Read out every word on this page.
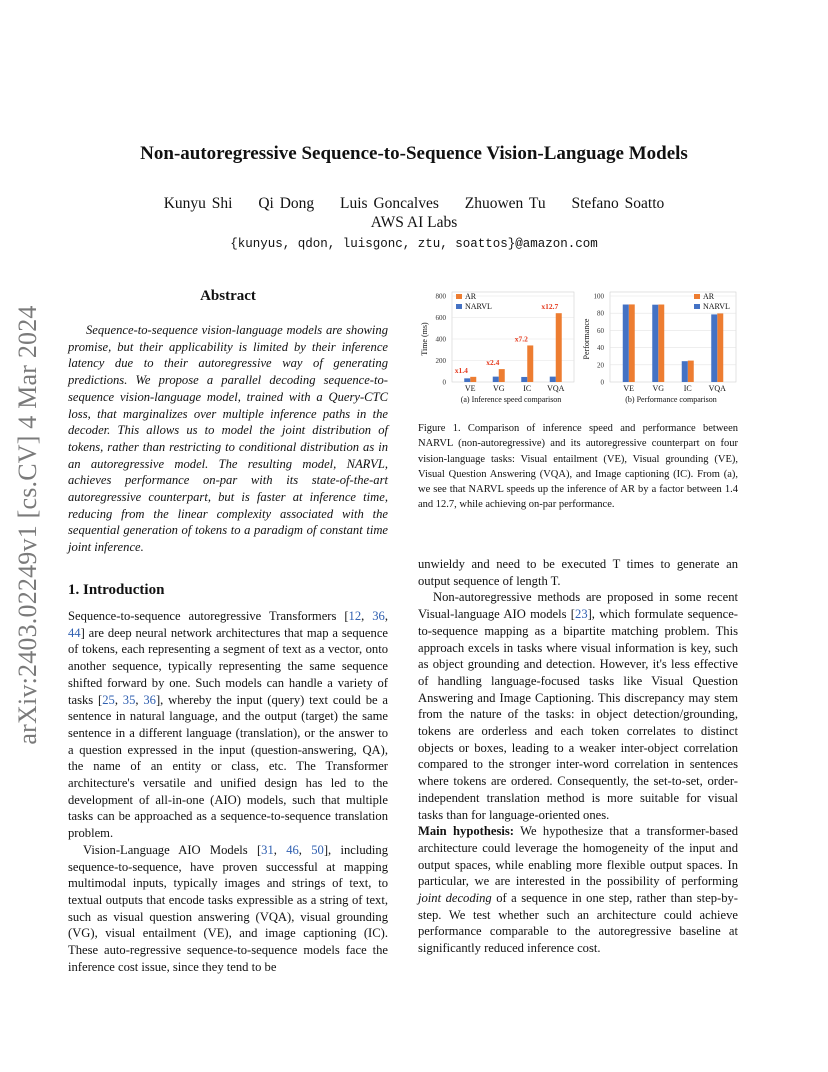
arXiv:2403.02249v1 [cs.CV] 4 Mar 2024
Non-autoregressive Sequence-to-Sequence Vision-Language Models
Kunyu Shi Qi Dong Luis Goncalves Zhuowen Tu Stefano Soatto
AWS AI Labs
{kunyus, qdon, luisgonc, ztu, soattos}@amazon.com
Abstract

Sequence-to-sequence vision-language models are showing promise, but their applicability is limited by their inference latency due to their autoregressive way of generating predictions. We propose a parallel decoding sequence-to-sequence vision-language model, trained with a Query-CTC loss, that marginalizes over multiple inference paths in the decoder. This allows us to model the joint distribution of tokens, rather than restricting to conditional distribution as in an autoregressive model. The resulting model, NARVL, achieves performance on-par with its state-of-the-art autoregressive counterpart, but is faster at inference time, reducing from the linear complexity associated with the sequential generation of tokens to a paradigm of constant time joint inference.

1. Introduction

Sequence-to-sequence autoregressive Transformers [12, 36, 44] are deep neural network architectures that map a sequence of tokens, each representing a segment of text as a vector, onto another sequence, typically representing the same sequence shifted forward by one. Such models can handle a variety of tasks [25, 35, 36], whereby the input (query) text could be a sentence in natural language, and the output (target) the same sentence in a different language (translation), or the answer to a question expressed in the input (question-answering, QA), the name of an entity or class, etc. The Transformer architecture's versatile and unified design has led to the development of all-in-one (AIO) models, such that multiple tasks can be approached as a sequence-to-sequence translation problem.

Vision-Language AIO Models [31, 46, 50], including sequence-to-sequence, have proven successful at mapping multimodal inputs, typically images and strings of text, to textual outputs that encode tasks expressible as a string of text, such as visual question answering (VQA), visual grounding (VG), visual entailment (VE), and image captioning (IC). These auto-regressive sequence-to-sequence models face the inference cost issue, since they tend to be

0
200
400
600
800
Time (ms)
VE
x1.4
VG
x2.4
IC
x7.2
VQA
x12.7
AR
NARVL
(a) Inference speed comparison
0
20
40
60
80
100
Performance
VE VG IC VQA
AR
NARVL
(b) Performance comparison
Figure 1. Comparison of inference speed and performance between NARVL (non-autoregressive) and its autoregressive counterpart on four vision-language tasks: Visual entailment (VE), Visual grounding (VE), Visual Question Answering (VQA), and Image captioning (IC). From (a), we see that NARVL speeds up the inference of AR by a factor between 1.4 and 12.7, while achieving on-par performance.

unwieldy and need to be executed T times to generate an output sequence of length T.

Non-autoregressive methods are proposed in some recent Visual-language AIO models [23], which formulate sequence-to-sequence mapping as a bipartite matching problem. This approach excels in tasks where visual information is key, such as object grounding and detection. However, it's less effective of handling language-focused tasks like Visual Question Answering and Image Captioning. This discrepancy may stem from the nature of the tasks: in object detection/grounding, tokens are orderless and each token correlates to distinct objects or boxes, leading to a weaker inter-object correlation compared to the stronger inter-word correlation in sentences where tokens are ordered. Consequently, the set-to-set, order-independent translation method is more suitable for visual tasks than for language-oriented ones.

Main hypothesis: We hypothesize that a transformer-based architecture could leverage the homogeneity of the input and output spaces, while enabling more flexible output spaces. In particular, we are interested in the possibility of performing joint decoding of a sequence in one step, rather than step-by-step. We test whether such an architecture could achieve performance comparable to the autoregressive baseline at significantly reduced inference cost.
